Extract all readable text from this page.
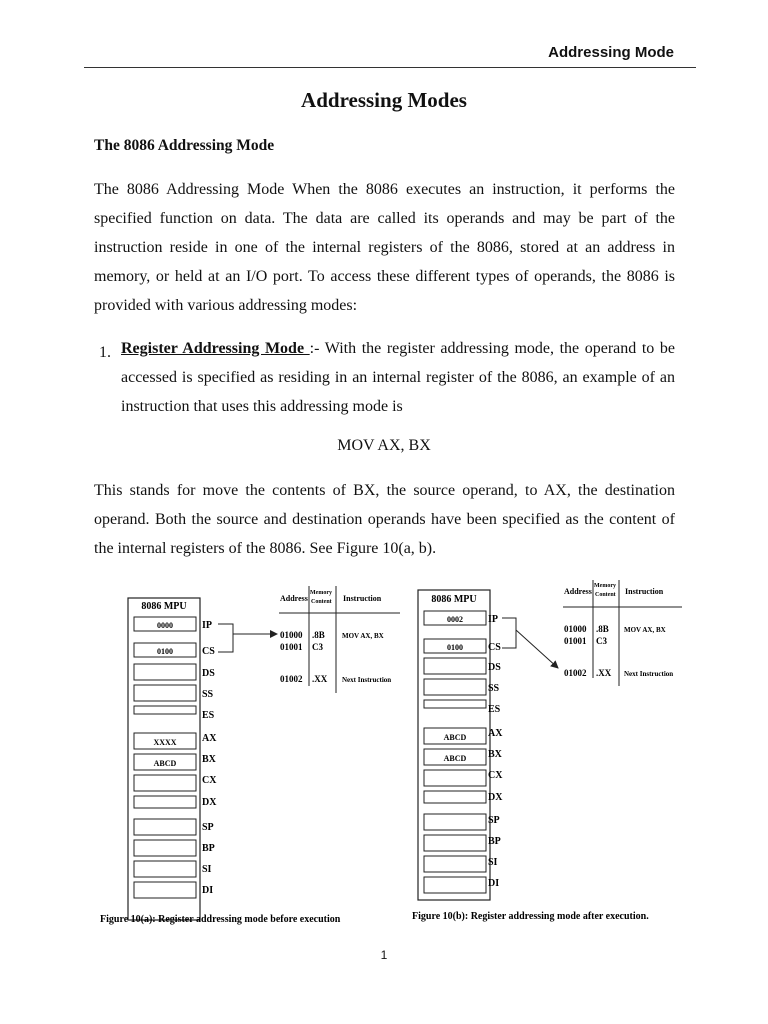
Addressing Mode
Addressing Modes
The 8086 Addressing Mode

The 8086 Addressing Mode When the 8086 executes an instruction, it performs the specified function on data. The data are called its operands and may be part of the instruction reside in one of the internal registers of the 8086, stored at an address in memory, or held at an I/O port. To access these different types of operands, the 8086 is provided with various addressing modes:

1. Register Addressing Mode :- With the register addressing mode, the operand to be accessed is specified as residing in an internal register of the 8086, an example of an instruction that uses this addressing mode is

MOV AX, BX

This stands for move the contents of BX, the source operand, to AX, the destination operand. Both the source and destination operands have been specified as the content of the internal registers of the 8086. See Figure 10(a, b).

8086 MPU
0000
0100
XXXX
ABCD
IP
CS
DS
SS
ES
AX
BX
CX
DX
SP
BP
SI
DI
Address
Memory
Content Instruction
01000 .8B MOV AX, BX
01001 C3
01002 .XX Next Instruction
Figure 10(a): Register addressing mode before execution
8086 MPU
0002
0100
ABCD
ABCD
IP
CS
DS
SS
ES
AX
BX
CX
DX
SP
BP
SI
DI
Address
Memory
Content Instruction
01000 .8B MOV AX, BX
01001 C3
01002 .XX Next Instruction
Figure 10(b): Register addressing mode after execution.
1
